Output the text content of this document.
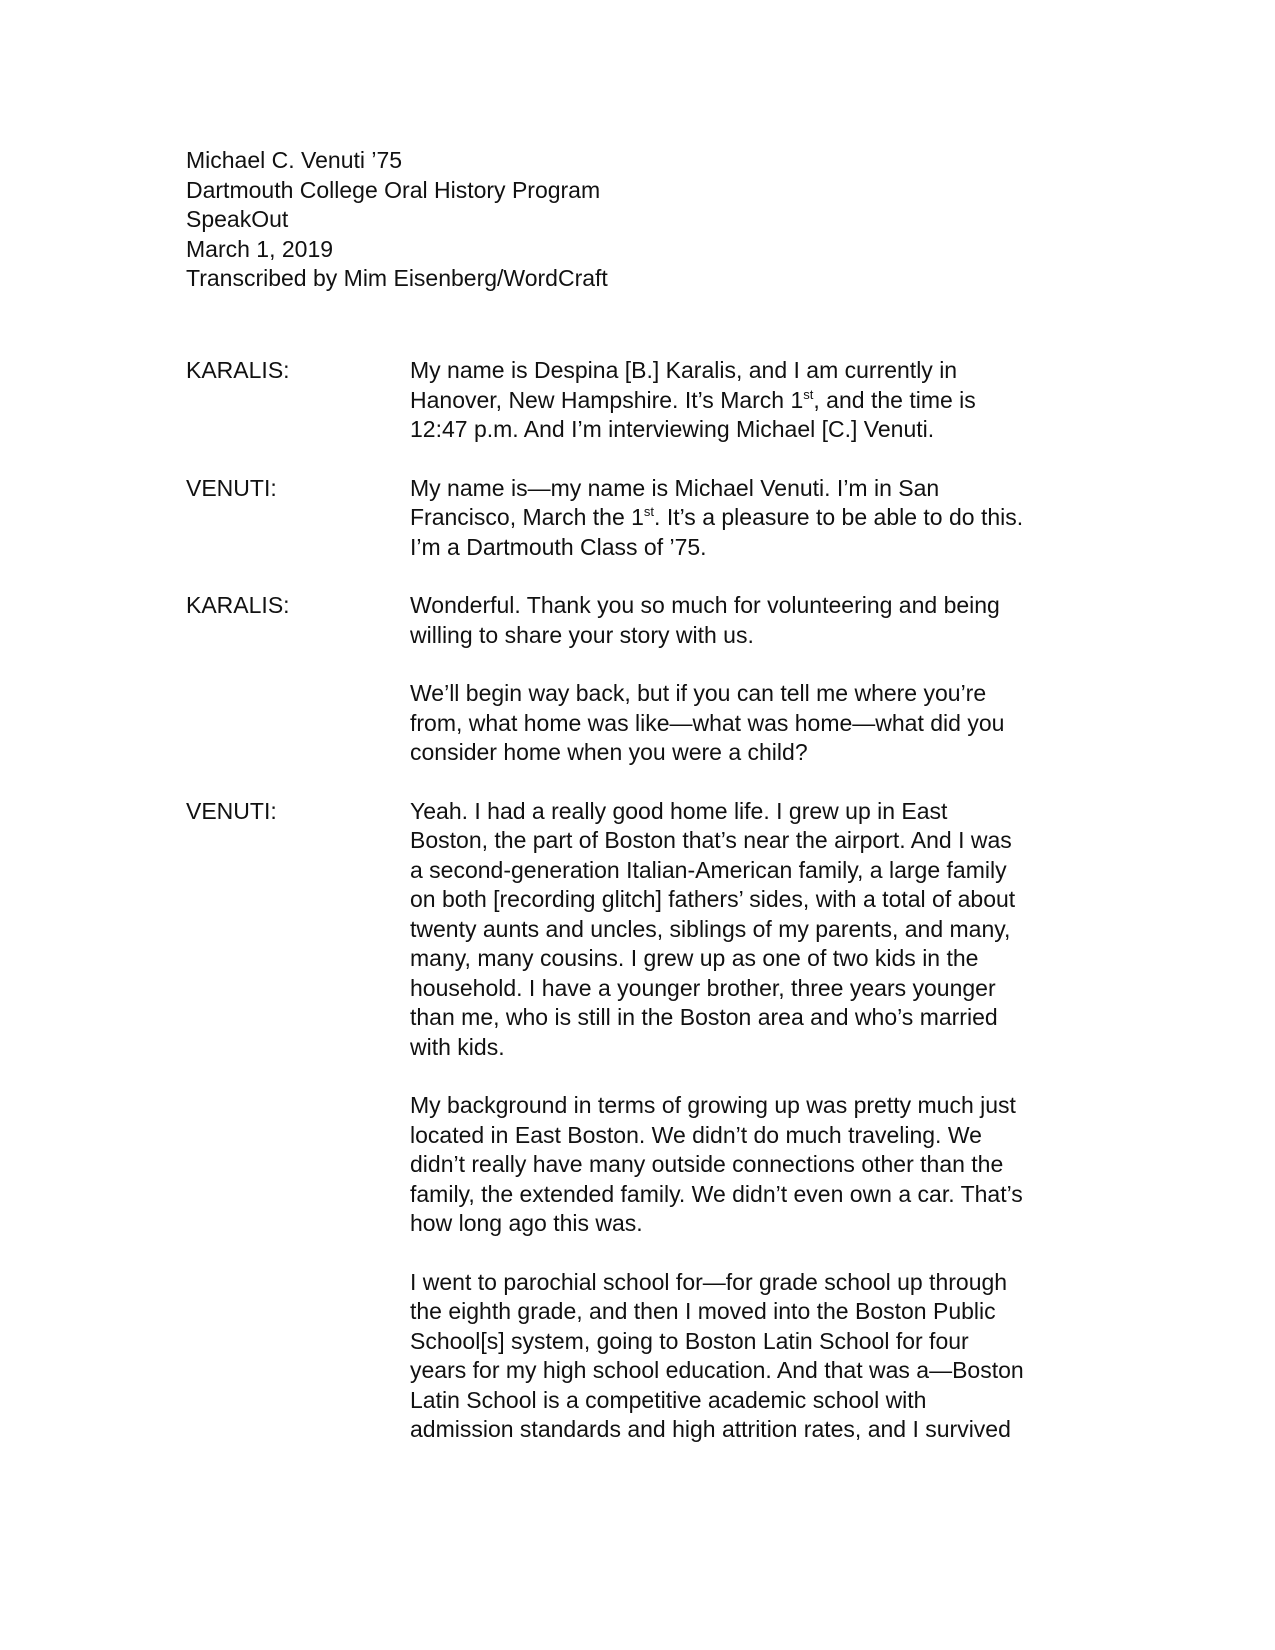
Michael C. Venuti ’75
Dartmouth College Oral History Program
SpeakOut
March 1, 2019
Transcribed by Mim Eisenberg/WordCraft
KARALIS:	My name is Despina [B.] Karalis, and I am currently in
Hanover, New Hampshire. It’s March 1st, and the time is
12:47 p.m. And I’m interviewing Michael [C.] Venuti.
VENUTI:	My name is—my name is Michael Venuti. I’m in San
Francisco, March the 1st. It’s a pleasure to be able to do this.
I’m a Dartmouth Class of ’75.
KARALIS:	Wonderful. Thank you so much for volunteering and being
willing to share your story with us.
We’ll begin way back, but if you can tell me where you’re
from, what home was like—what was home—what did you
consider home when you were a child?
VENUTI:	Yeah. I had a really good home life. I grew up in East
Boston, the part of Boston that’s near the airport. And I was
a second-generation Italian-American family, a large family
on both [recording glitch] fathers’ sides, with a total of about
twenty aunts and uncles, siblings of my parents, and many,
many, many cousins. I grew up as one of two kids in the
household. I have a younger brother, three years younger
than me, who is still in the Boston area and who’s married
with kids.
My background in terms of growing up was pretty much just
located in East Boston. We didn’t do much traveling. We
didn’t really have many outside connections other than the
family, the extended family. We didn’t even own a car. That’s
how long ago this was.
I went to parochial school for—for grade school up through
the eighth grade, and then I moved into the Boston Public
School[s] system, going to Boston Latin School for four
years for my high school education. And that was a—Boston
Latin School is a competitive academic school with
admission standards and high attrition rates, and I survived
